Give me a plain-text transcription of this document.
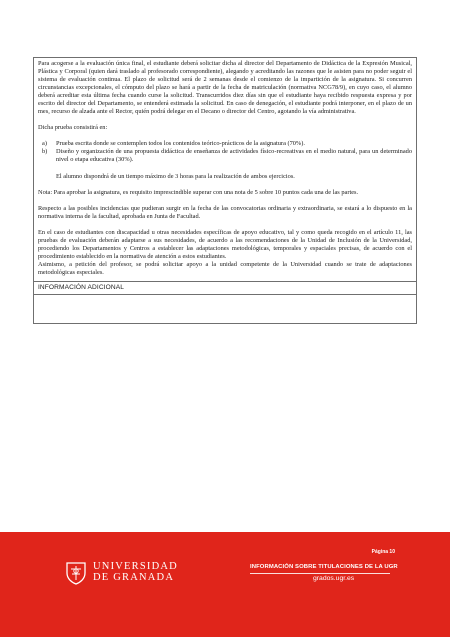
Para acogerse a la evaluación única final, el estudiante deberá solicitar dicha al director del Departamento de Didáctica de la Expresión Musical, Plástica y Corporal (quien dará traslado al profesorado correspondiente), alegando y acreditando las razones que le asisten para no poder seguir el sistema de evaluación continua. El plazo de solicitud será de 2 semanas desde el comienzo de la impartición de la asignatura. Si concurren circunstancias excepcionales, el cómputo del plazo se hará a partir de la fecha de matriculación (normativa NCG78/9), en cuyo caso, el alumno deberá acreditar esta última fecha cuando curse la solicitud. Transcurridos diez días sin que el estudiante haya recibido respuesta expresa y por escrito del director del Departamento, se entenderá estimada la solicitud. En caso de denegación, el estudiante podrá interponer, en el plazo de un mes, recurso de alzada ante el Rector, quién podrá delegar en el Decano o director del Centro, agotando la vía administrativa.

Dicha prueba consistirá en:

a)	Prueba escrita donde se contemplen todos los contenidos teórico-prácticos de la asignatura (70%).
b)	Diseño y organización de una propuesta didáctica de enseñanza de actividades físico-recreativas en el medio natural, para un determinado nivel o etapa educativa (30%).

El alumno dispondrá de un tiempo máximo de 3 horas para la realización de ambos ejercicios.

Nota: Para aprobar la asignatura, es requisito imprescindible superar con una nota de 5 sobre 10 puntos cada una de las partes.

Respecto a las posibles incidencias que pudieran surgir en la fecha de las convocatorias ordinaria y extraordinaria, se estará a lo dispuesto en la normativa interna de la facultad, aprobada en Junta de Facultad.

En el caso de estudiantes con discapacidad u otras necesidades específicas de apoyo educativo, tal y como queda recogido en el artículo 11, las pruebas de evaluación deberán adaptarse a sus necesidades, de acuerdo a las recomendaciones de la Unidad de Inclusión de la Universidad, procediendo los Departamentos y Centros a establecer las adaptaciones metodológicas, temporales y espaciales precisas, de acuerdo con el procedimiento establecido en la normativa de atención a estos estudiantes.

Asimismo, a petición del profesor, se podrá solicitar apoyo a la unidad competente de la Universidad cuando se trate de adaptaciones metodológicas especiales.

INFORMACIÓN ADICIONAL
Página 10
UNIVERSIDAD
DE GRANADA
INFORMACIÓN SOBRE TITULACIONES DE LA UGR
grados.ugr.es
